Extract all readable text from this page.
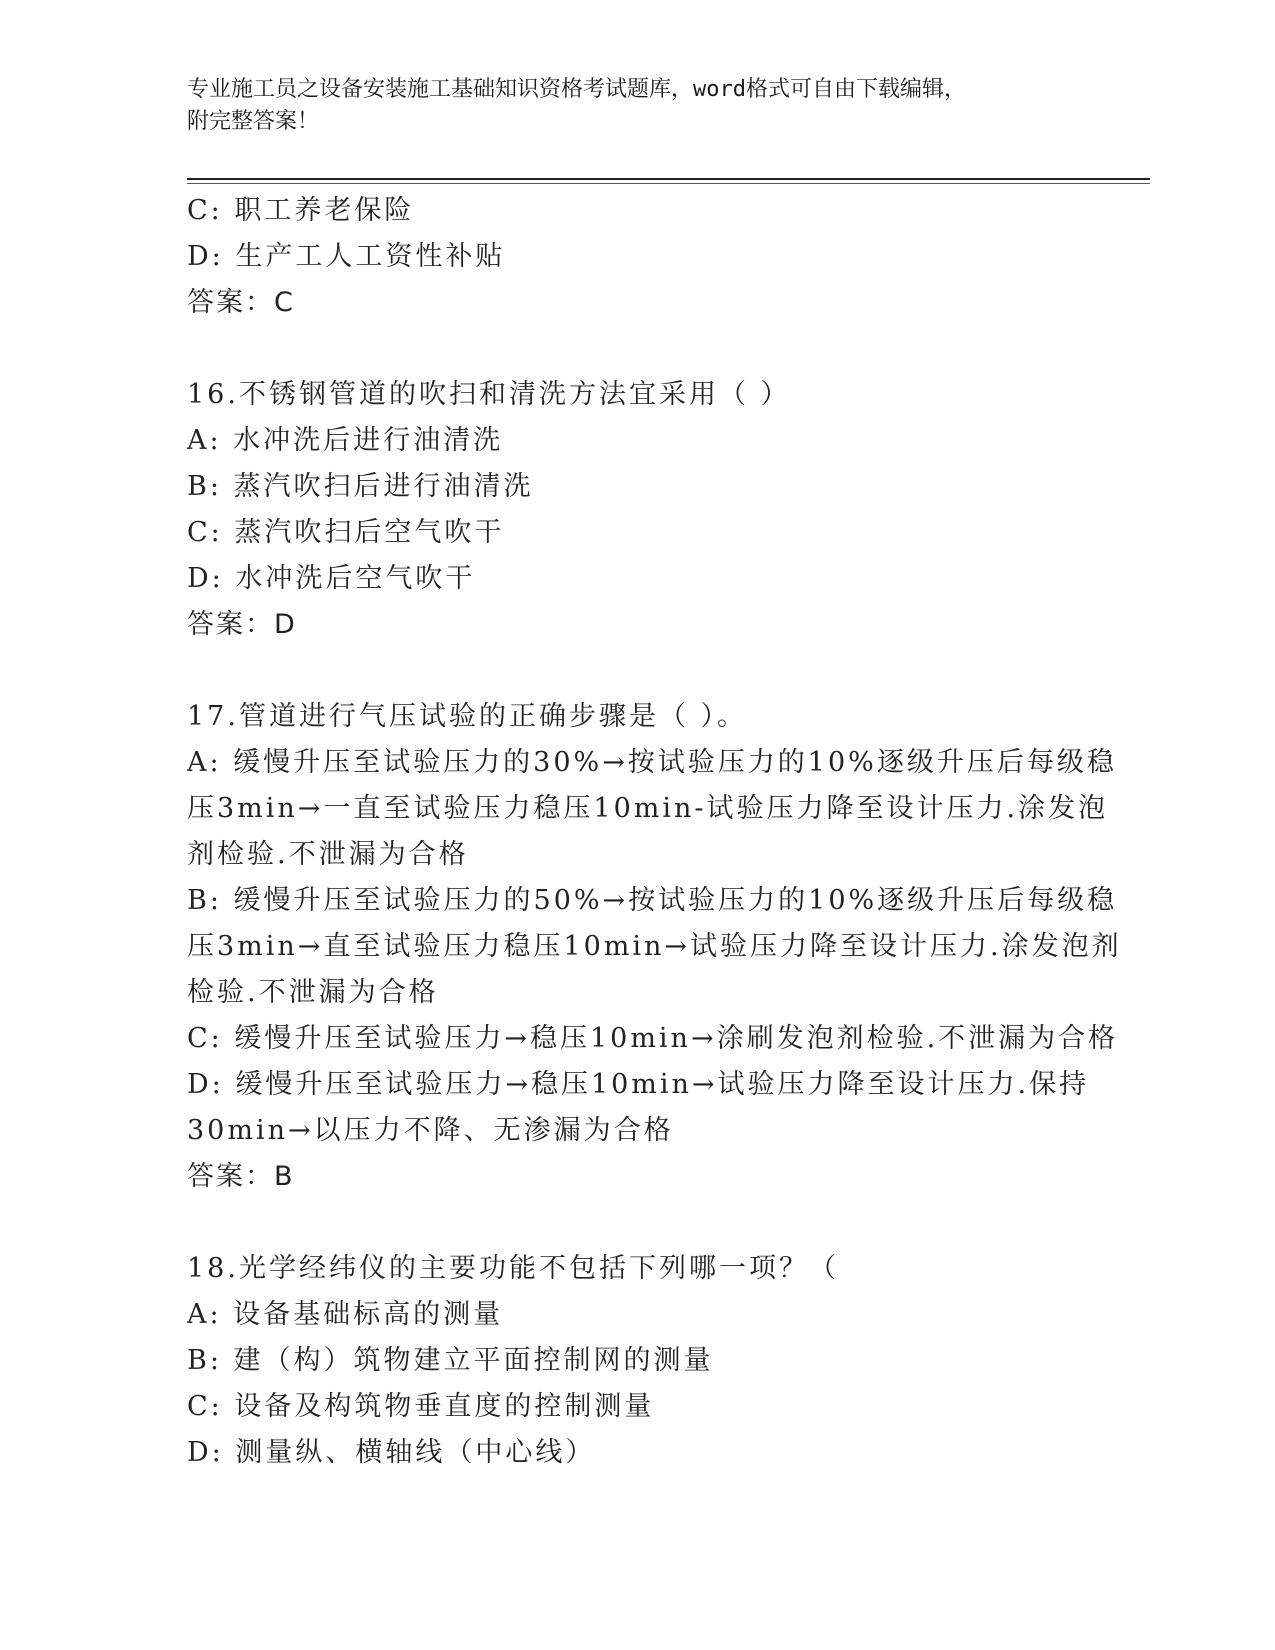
专业施工员之设备安装施工基础知识资格考试题库，word格式可自由下载编辑，
附完整答案！

C: 职工养老保险

D: 生产工人工资性补贴

答案：C

16.不锈钢管道的吹扫和清洗方法宜采用（ ）

A: 水冲洗后进行油清洗

B: 蒸汽吹扫后进行油清洗

C: 蒸汽吹扫后空气吹干

D: 水冲洗后空气吹干

答案：D

17.管道进行气压试验的正确步骤是（ ）。

A: 缓慢升压至试验压力的30%→按试验压力的10%逐级升压后每级稳

压3min→一直至试验压力稳压10min-试验压力降至设计压力.涂发泡

剂检验.不泄漏为合格

B: 缓慢升压至试验压力的50%→按试验压力的10%逐级升压后每级稳

压3min→直至试验压力稳压10min→试验压力降至设计压力.涂发泡剂

检验.不泄漏为合格

C: 缓慢升压至试验压力→稳压10min→涂刷发泡剂检验.不泄漏为合格

D: 缓慢升压至试验压力→稳压10min→试验压力降至设计压力.保持

30min→以压力不降、无渗漏为合格

答案：B

18.光学经纬仪的主要功能不包括下列哪一项？（

A: 设备基础标高的测量

B: 建（构）筑物建立平面控制网的测量

C: 设备及构筑物垂直度的控制测量

D: 测量纵、横轴线（中心线）
